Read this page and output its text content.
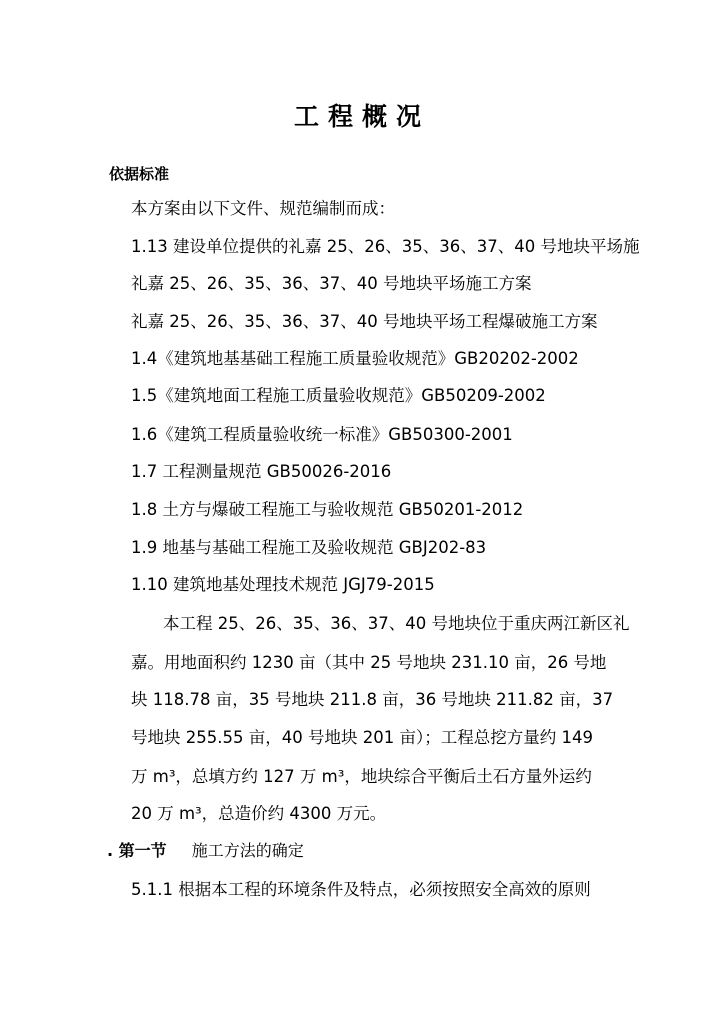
工程概况
依据标准
本方案由以下文件、规范编制而成：
1.13 建设单位提供的礼嘉 25、26、35、36、37、40 号地块平场施
礼嘉 25、26、35、36、37、40 号地块平场施工方案
礼嘉 25、26、35、36、37、40 号地块平场工程爆破施工方案
1.4《建筑地基基础工程施工质量验收规范》GB20202-2002
1.5《建筑地面工程施工质量验收规范》GB50209-2002
1.6《建筑工程质量验收统一标准》GB50300-2001
1.7 工程测量规范 GB50026-2016
1.8 土方与爆破工程施工与验收规范 GB50201-2012
1.9 地基与基础工程施工及验收规范 GBJ202-83
1.10 建筑地基处理技术规范 JGJ79-2015
本工程 25、26、35、36、37、40 号地块位于重庆两江新区礼
嘉。用地面积约 1230 亩（其中 25 号地块 231.10 亩，26 号地
块 118.78 亩，35 号地块 211.8 亩，36 号地块 211.82 亩，37
号地块 255.55 亩，40 号地块 201 亩）；工程总挖方量约 149
万 m³，总填方约 127 万 m³，地块综合平衡后土石方量外运约
20 万 m³，总造价约 4300 万元。
. 第一节 施工方法的确定
5.1.1 根据本工程的环境条件及特点，必须按照安全高效的原则
